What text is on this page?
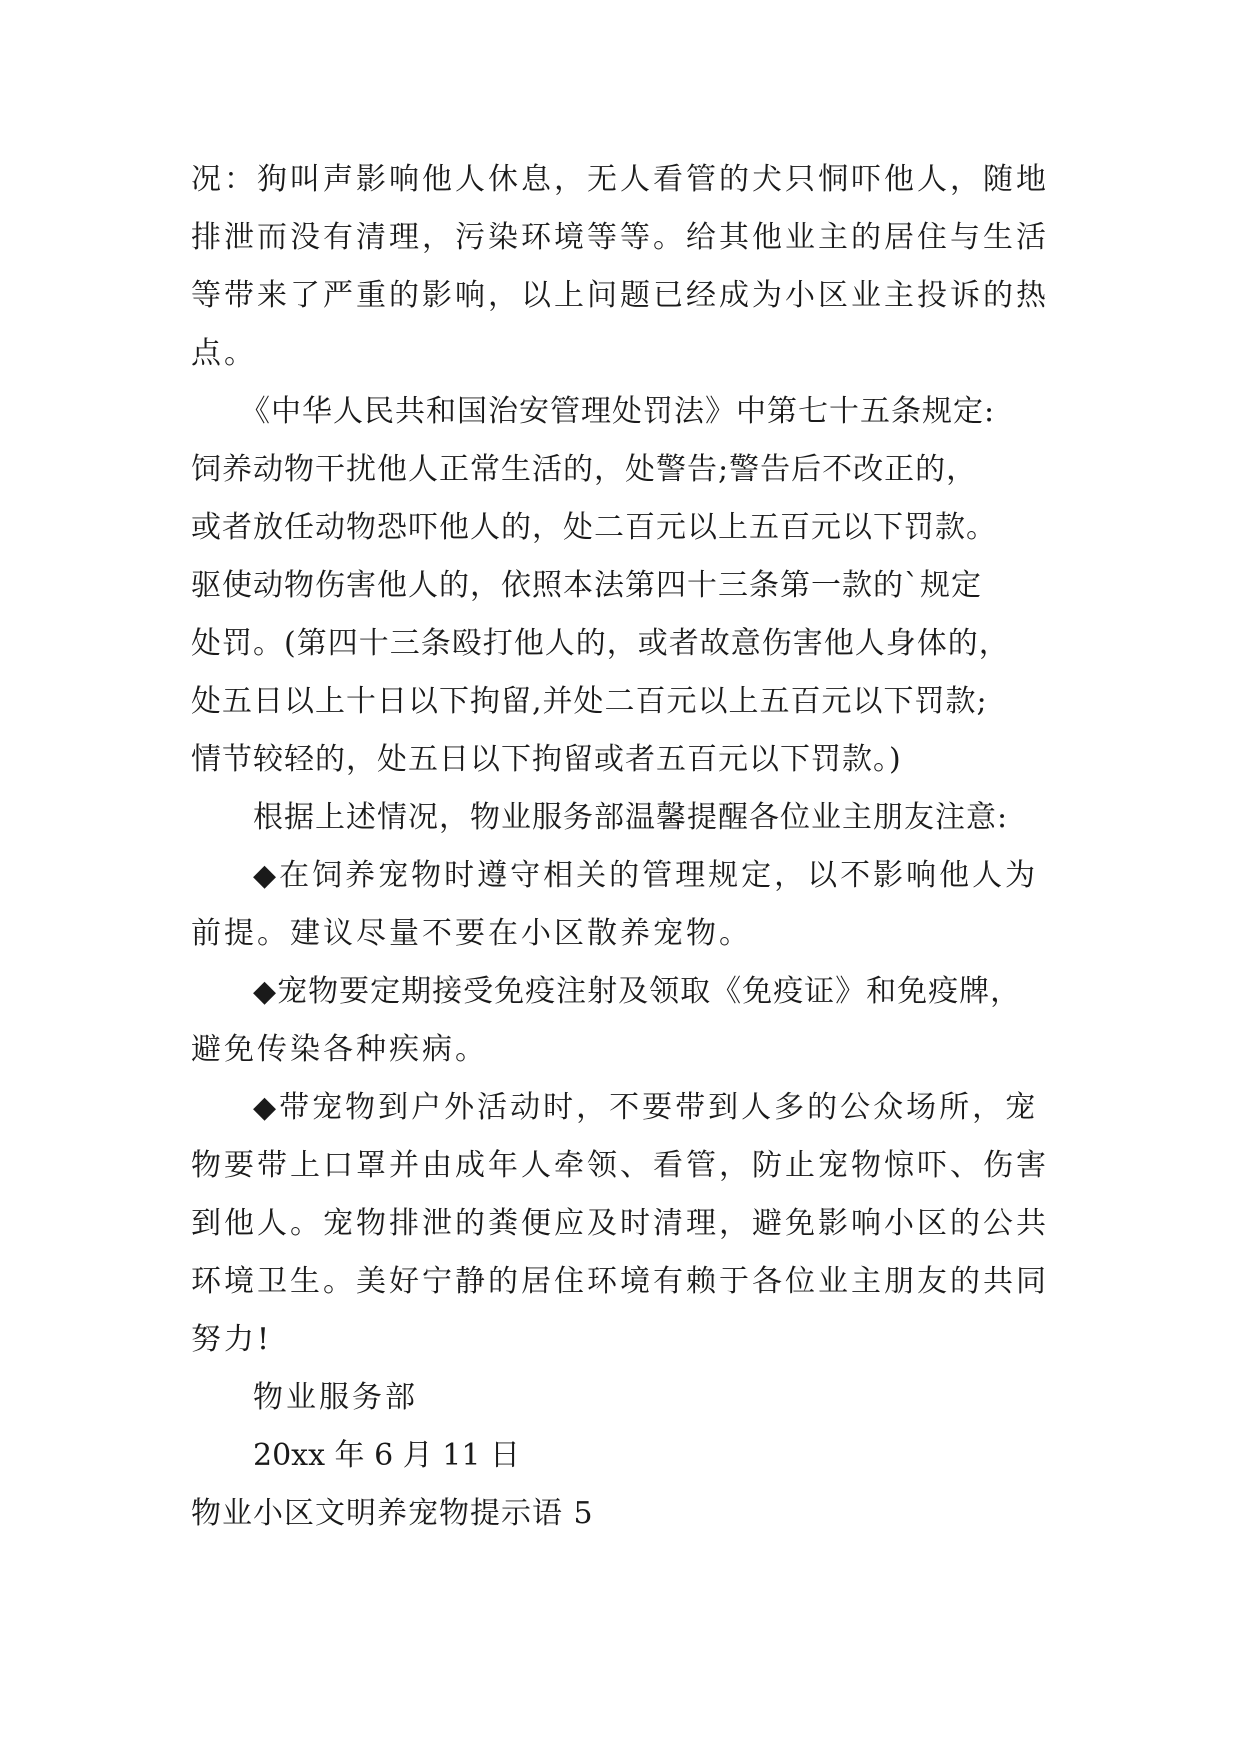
况：狗叫声影响他人休息，无人看管的犬只恫吓他人，随地

排泄而没有清理，污染环境等等。给其他业主的居住与生活

等带来了严重的影响，以上问题已经成为小区业主投诉的热

点。

《中华人民共和国治安管理处罚法》中第七十五条规定:

饲养动物干扰他人正常生活的，处警告;警告后不改正的，

或者放任动物恐吓他人的，处二百元以上五百元以下罚款。

驱使动物伤害他人的，依照本法第四十三条第一款的`规定

处罚。(第四十三条殴打他人的，或者故意伤害他人身体的，

处五日以上十日以下拘留,并处二百元以上五百元以下罚款;

情节较轻的，处五日以下拘留或者五百元以下罚款。)

根据上述情况，物业服务部温馨提醒各位业主朋友注意:

◆在饲养宠物时遵守相关的管理规定，以不影响他人为

前提。建议尽量不要在小区散养宠物。

◆宠物要定期接受免疫注射及领取《免疫证》和免疫牌，

避免传染各种疾病。

◆带宠物到户外活动时，不要带到人多的公众场所，宠

物要带上口罩并由成年人牵领、看管，防止宠物惊吓、伤害

到他人。宠物排泄的粪便应及时清理，避免影响小区的公共

环境卫生。美好宁静的居住环境有赖于各位业主朋友的共同

努力!

物业服务部

20xx 年 6 月 11 日

物业小区文明养宠物提示语 5
